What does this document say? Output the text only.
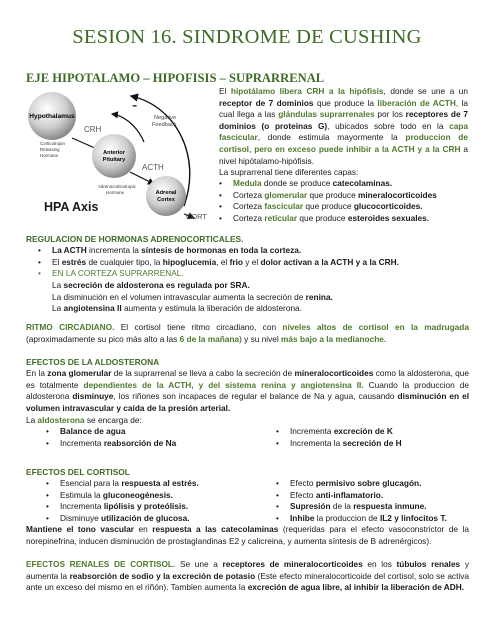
SESION 16. SINDROME DE CUSHING
EJE HIPOTALAMO – HIPOFISIS – SUPRARRENAL
Hypothalamus
CRH
Corticotropin
Releasing
Hormone
-
Negative
Feedback
Anterior
Pituitary
ACTH
Adrenocorticotropic
Hormone	Adrenal
Cortex
CORT
HPA Axis
El hipotálamo libera CRH a la hipófisis, donde se une a un receptor de 7 dominios que produce la liberación de ACTH, la cual llega a las glándulas suprarrenales por los receptores de 7 dominios (o proteinas G), ubicados sobre todo en la capa fascicular, donde estimula mayormente la produccion de cortisol, pero en exceso puede inhibir a la ACTH y a la CRH a nivel hipótalamo-hipófisis.
La suprarrenal tiene diferentes capas:
• Medula donde se produce catecolaminas.
• Corteza glomerular que produce mineralocorticoides
• Corteza fascicular que produce glucocorticoides.
• Corteza reticular que produce esteroides sexuales.
REGULACION DE HORMONAS ADRENOCORTICALES.
• La ACTH incrementa la síntesis de hormonas en toda la corteza.
• El estrés de cualquier tipo, la hipoglucemia, el frio y el dolor activan a la ACTH y a la CRH.
• EN LA CORTEZA SUPRARRENAL.
La secreción de aldosterona es regulada por SRA.
La disminución en el volumen intravascular aumenta la secreción de renina.
La angiotensina II aumenta y estimula la liberación de aldosterona.
RITMO CIRCADIANO. El cortisol tiene ritmo circadiano, con niveles altos de cortisol en la madrugada (aproximadamente su pico más alto a las 6 de la mañana) y su nivel más bajo a la medianoche.
EFECTOS DE LA ALDOSTERONA
En la zona glomerular de la suprarrenal se lleva a cabo la secreción de mineralocorticoides como la aldosterona, que es totalmente dependientes de la ACTH, y del sistema renina y angiotensina II. Cuando la produccion de aldosterona disminuye, los riñones son incapaces de regular el balance de Na y agua, causando disminución en el volumen intravascular y caída de la presión arterial.
La aldosterona se encarga de:
• Balance de agua
• Incrementa reabsorción de Na
• Incrementa excreción de K
• Incrementa la secreción de H
EFECTOS DEL CORTISOL
• Esencial para la respuesta al estrés.
• Estimula la gluconeogénesis.
• Incrementa lipólisis y proteólisis.
• Disminuye utilización de glucosa.
• Efecto permisivo sobre glucagón.
• Efecto anti-inflamatorio.
• Supresión de la respuesta inmune.
• Inhibe la produccion de IL2 y linfocitos T.
Mantiene el tono vascular en respuesta a las catecolaminas (requeridas para el efecto vasoconstrictor de la norepinefrina, inducen disminución de prostaglandinas E2 y calicreina, y aumenta síntesis de B adrenérgicos).
EFECTOS RENALES DE CORTISOL. Se une a receptores de mineralocorticoides en los túbulos renales y aumenta la reabsorción de sodio y la excreción de potasio (Este efecto mineralocorticoide del cortisol, solo se activa ante un exceso del mismo en el riñón). Tambien aumenta la excreción de agua libre, al inhibir la liberación de ADH.
